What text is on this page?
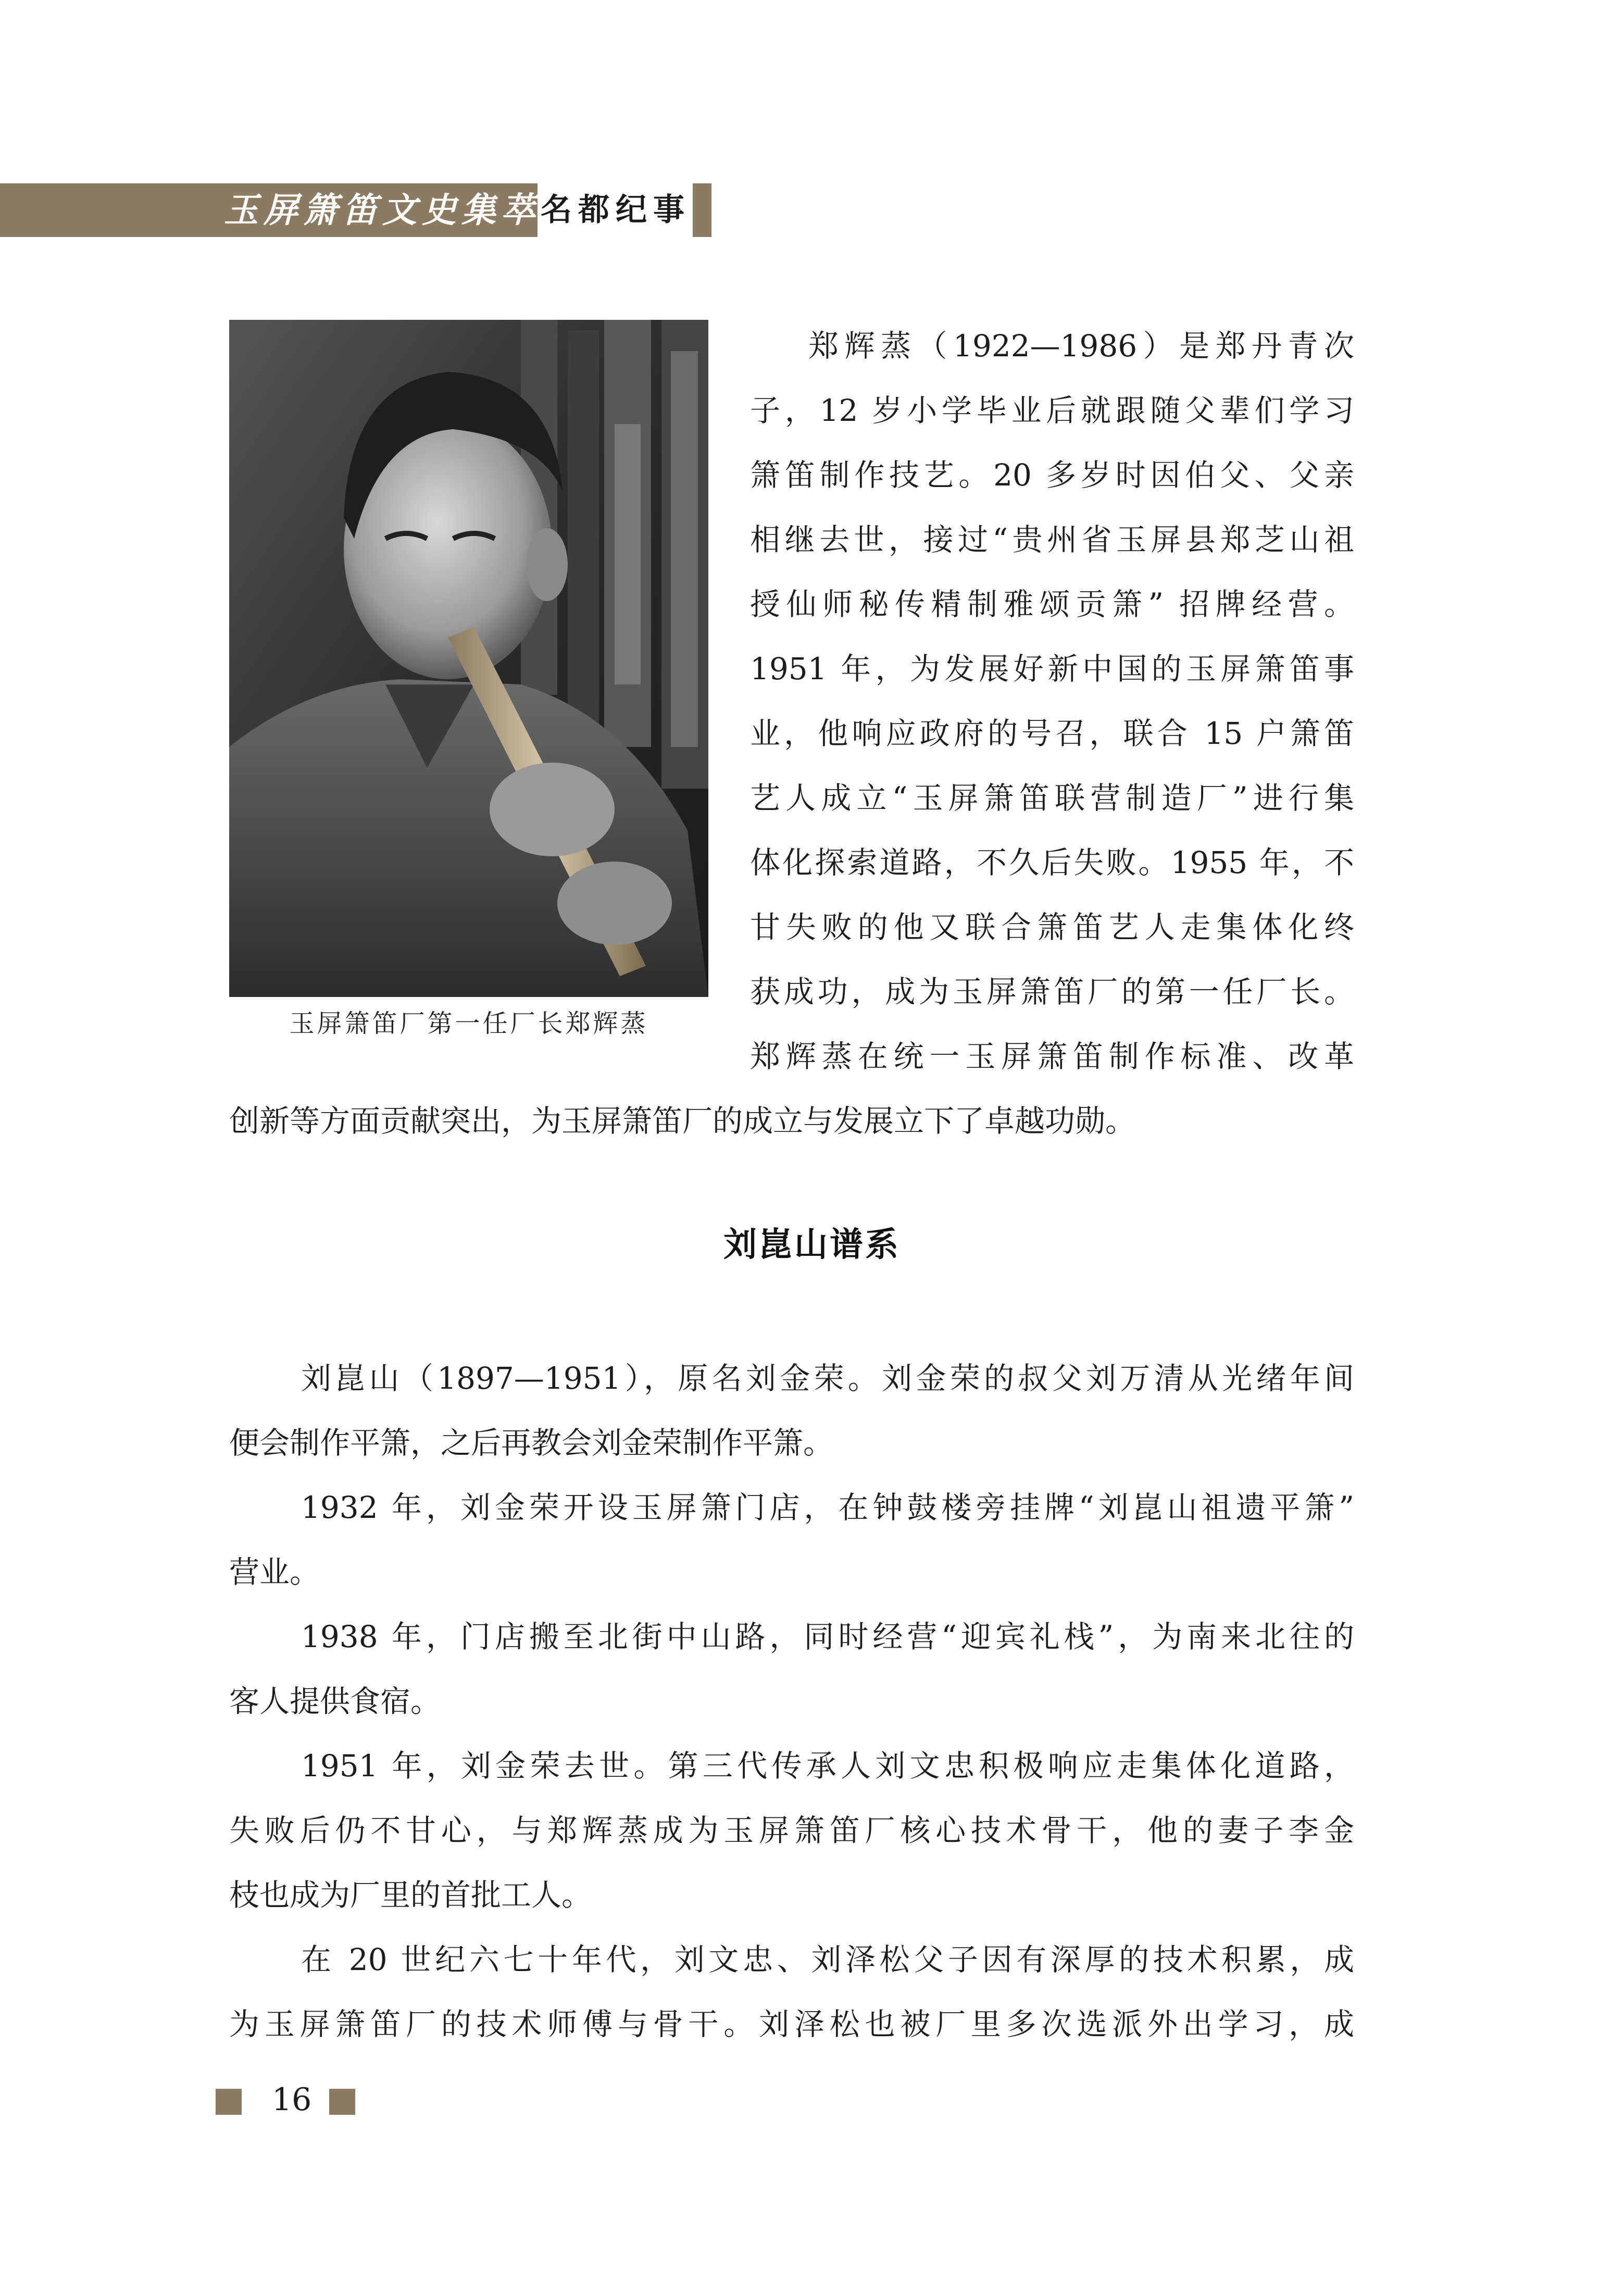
玉屏箫笛文史集萃 名都纪事
玉屏箫笛厂第一任厂长郑辉蒸
郑辉蒸（1922—1986）是郑丹青次
子，12 岁小学毕业后就跟随父辈们学习
箫笛制作技艺。20 多岁时因伯父、父亲
相继去世，接过“贵州省玉屏县郑芝山祖
授仙师秘传精制雅颂贡箫” 招牌经营。
1951 年，为发展好新中国的玉屏箫笛事
业，他响应政府的号召，联合 15 户箫笛
艺人成立“玉屏箫笛联营制造厂”进行集
体化探索道路，不久后失败。1955 年，不
甘失败的他又联合箫笛艺人走集体化终
获成功，成为玉屏箫笛厂的第一任厂长。
郑辉蒸在统一玉屏箫笛制作标准、改革
创新等方面贡献突出，为玉屏箫笛厂的成立与发展立下了卓越功勋。
刘崑山谱系
刘崑山（1897—1951），原名刘金荣。刘金荣的叔父刘万清从光绪年间
便会制作平箫，之后再教会刘金荣制作平箫。
1932 年，刘金荣开设玉屏箫门店，在钟鼓楼旁挂牌“刘崑山祖遗平箫”
营业。
1938 年，门店搬至北街中山路，同时经营“迎宾礼栈”，为南来北往的
客人提供食宿。
1951 年，刘金荣去世。第三代传承人刘文忠积极响应走集体化道路，
失败后仍不甘心，与郑辉蒸成为玉屏箫笛厂核心技术骨干，他的妻子李金
枝也成为厂里的首批工人。
在 20 世纪六七十年代，刘文忠、刘泽松父子因有深厚的技术积累，成
为玉屏箫笛厂的技术师傅与骨干。刘泽松也被厂里多次选派外出学习，成
16
